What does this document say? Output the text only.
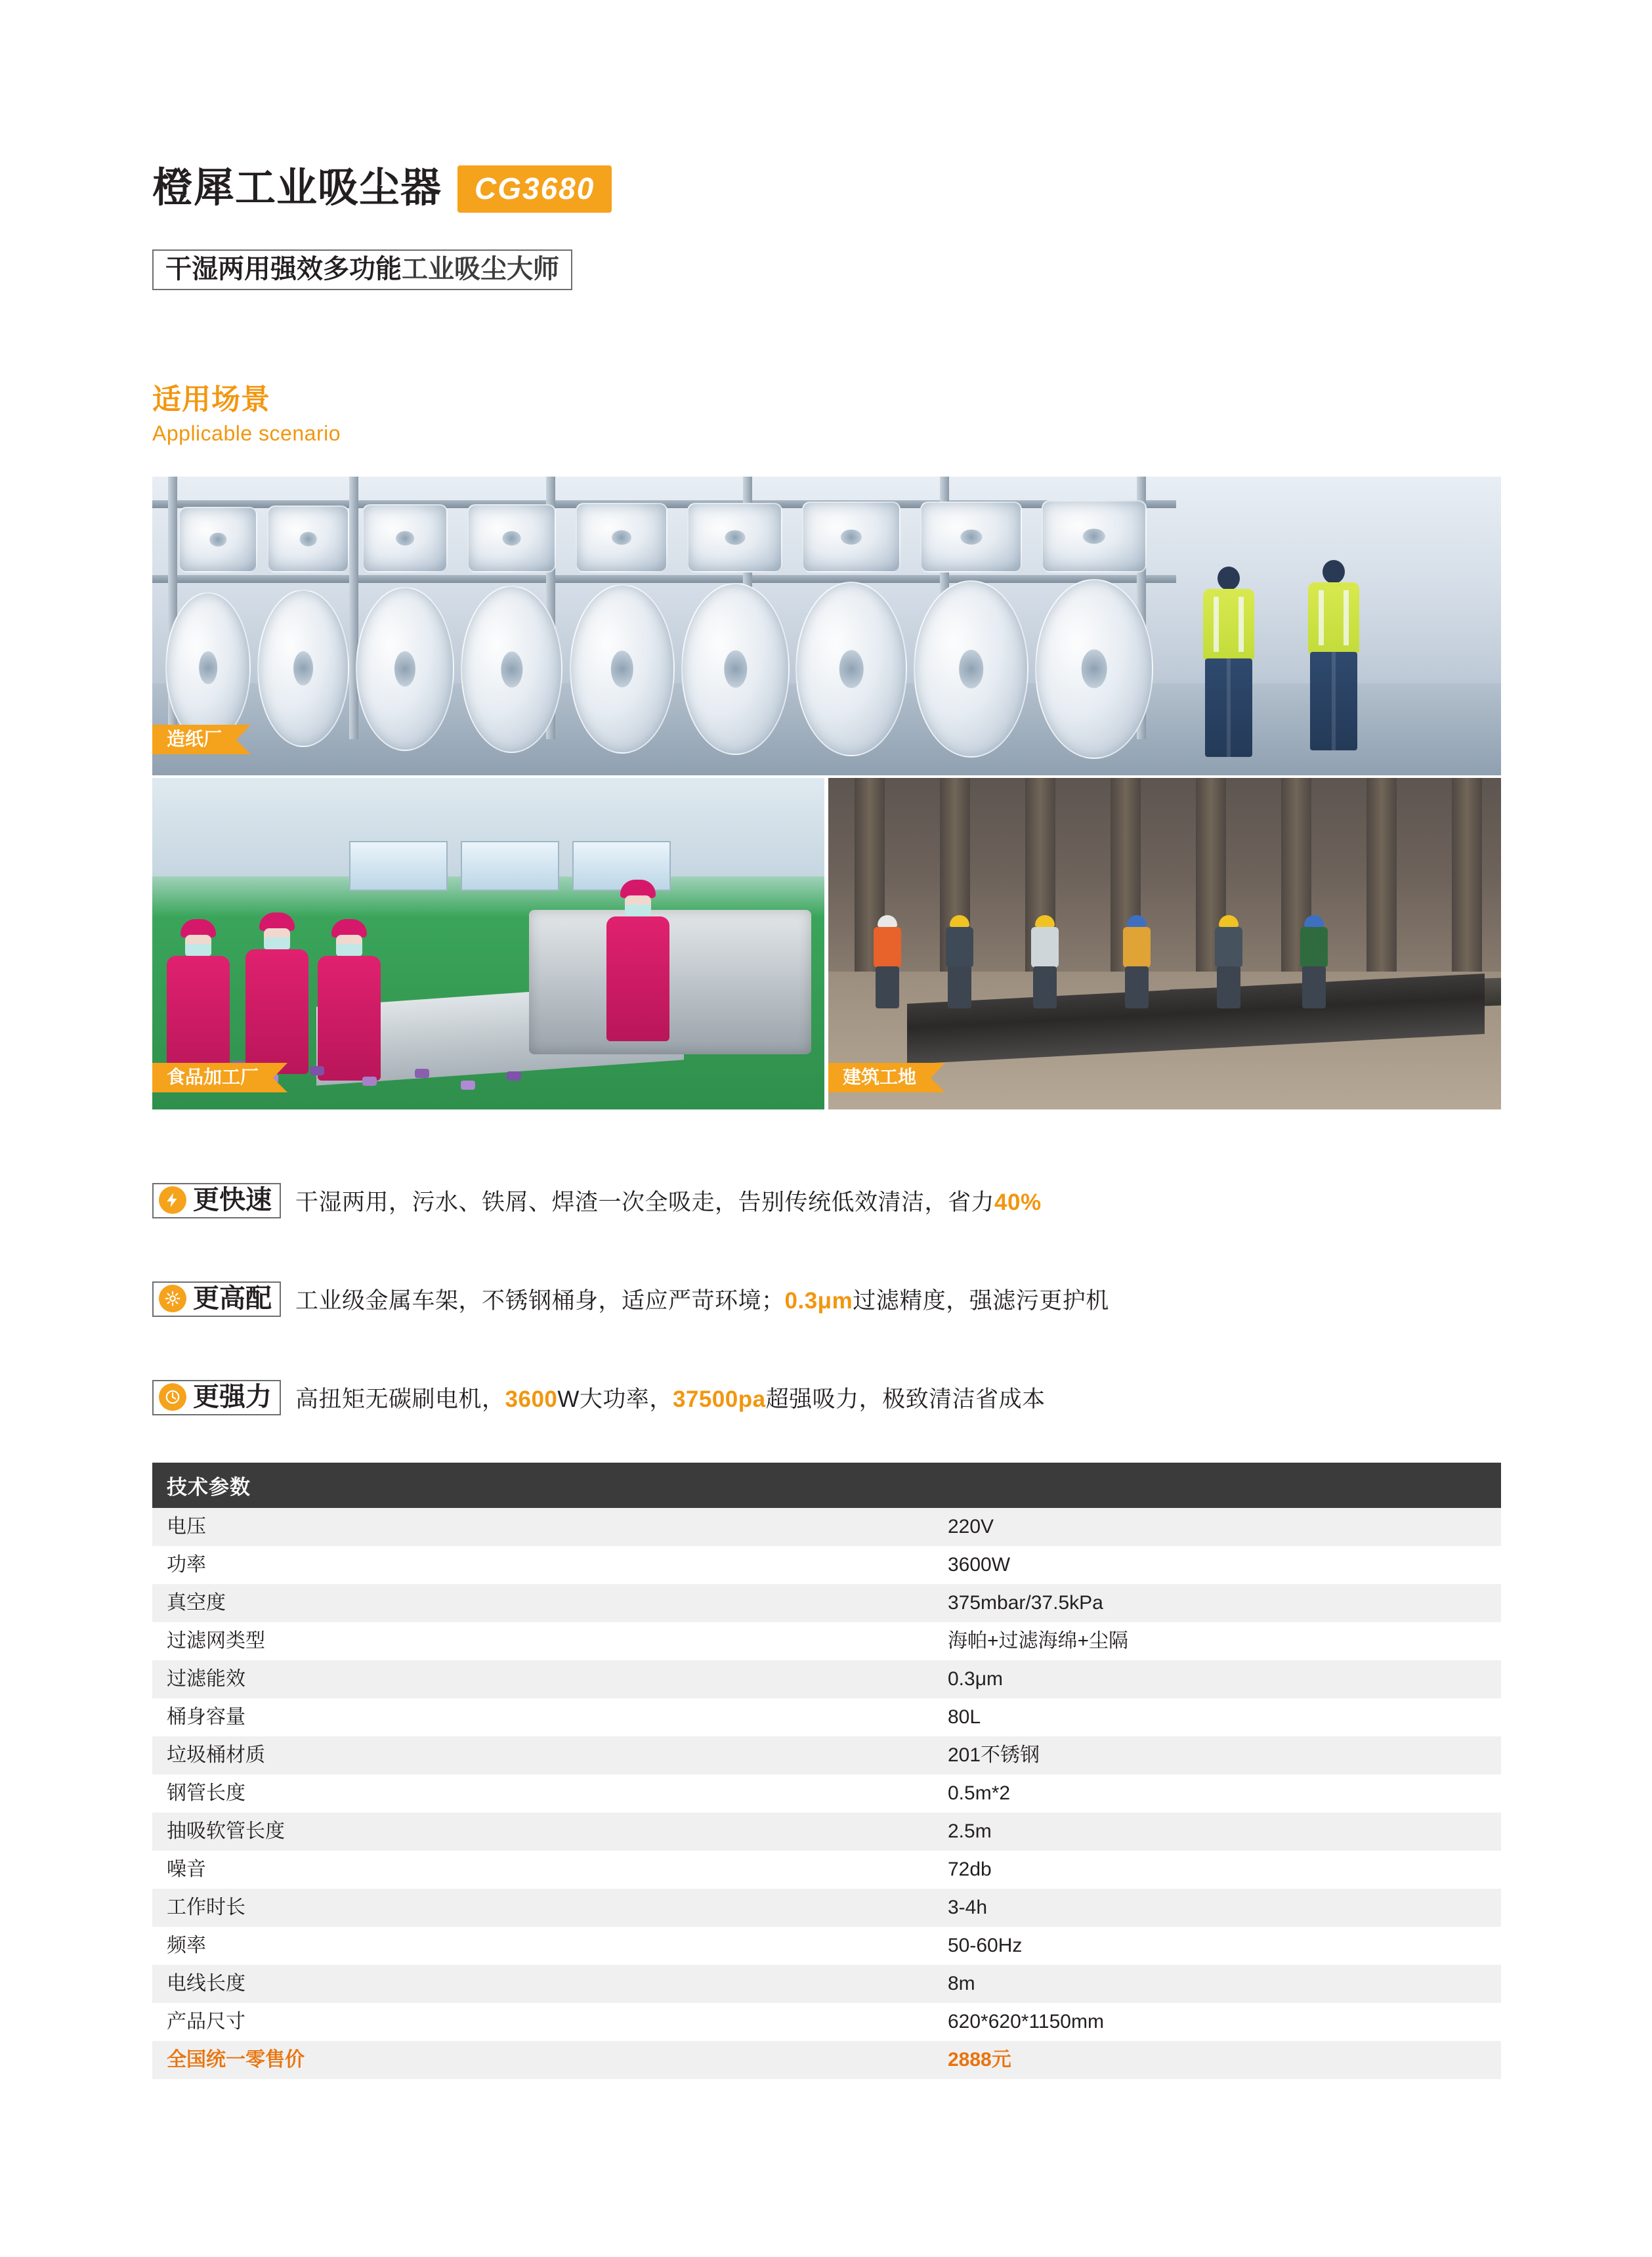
橙犀工业吸尘器	CG3680
干湿两用强效多功能工业吸尘大师
适用场景
Applicable scenario
造纸厂
食品加工厂	建筑工地
更快速 干湿两用，污水、铁屑、焊渣一次全吸走，告别传统低效清洁，省力40%
更高配 工业级金属车架，不锈钢桶身，适应严苛环境；0.3μm过滤精度，强滤污更护机
更强力 高扭矩无碳刷电机，3600W大功率，37500pa超强吸力，极致清洁省成本
技术参数
电压	220V
功率	3600W
真空度	375mbar/37.5kPa
过滤网类型	海帕+过滤海绵+尘隔
过滤能效	0.3μm
桶身容量	80L
垃圾桶材质	201不锈钢
钢管长度	0.5m*2
抽吸软管长度	2.5m
噪音	72db
工作时长	3-4h
频率	50-60Hz
电线长度	8m
产品尺寸	620*620*1150mm
全国统一零售价	2888元
